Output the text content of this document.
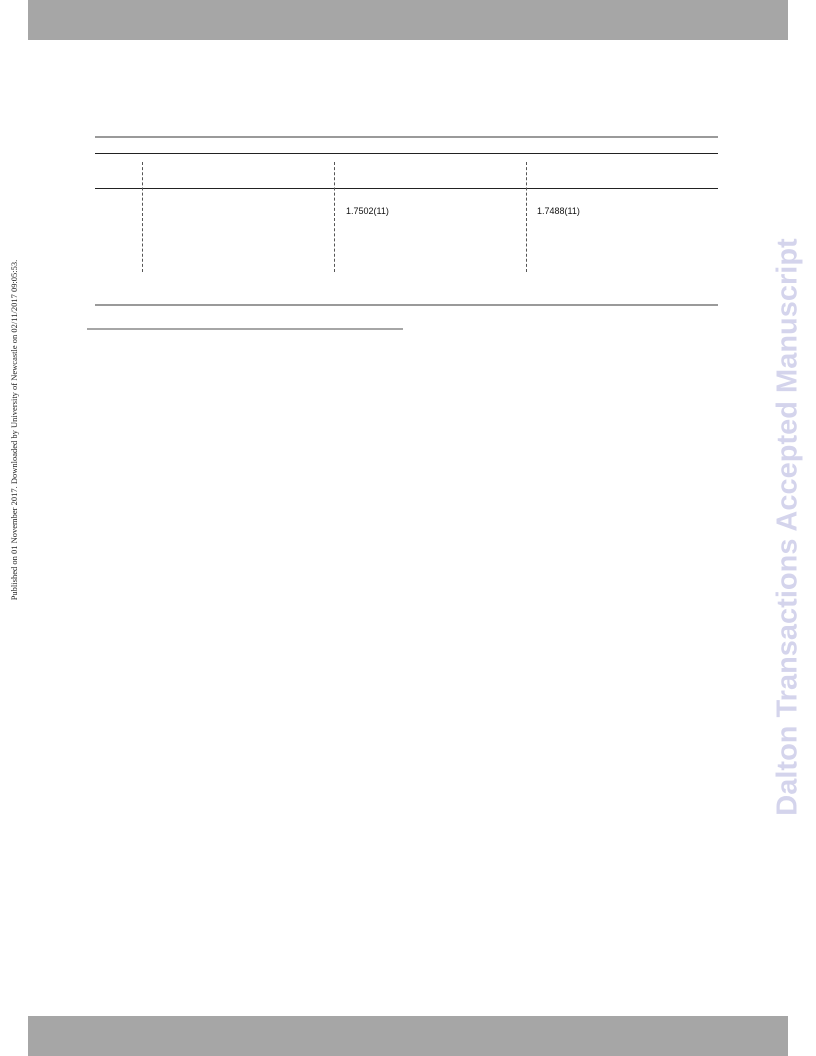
Published on 01 November 2017. Downloaded by University of Newcastle on 02/11/2017 09:05:53.	Dalton Transactions Accepted Manuscript
1.7502(11)	1.7488(11)
